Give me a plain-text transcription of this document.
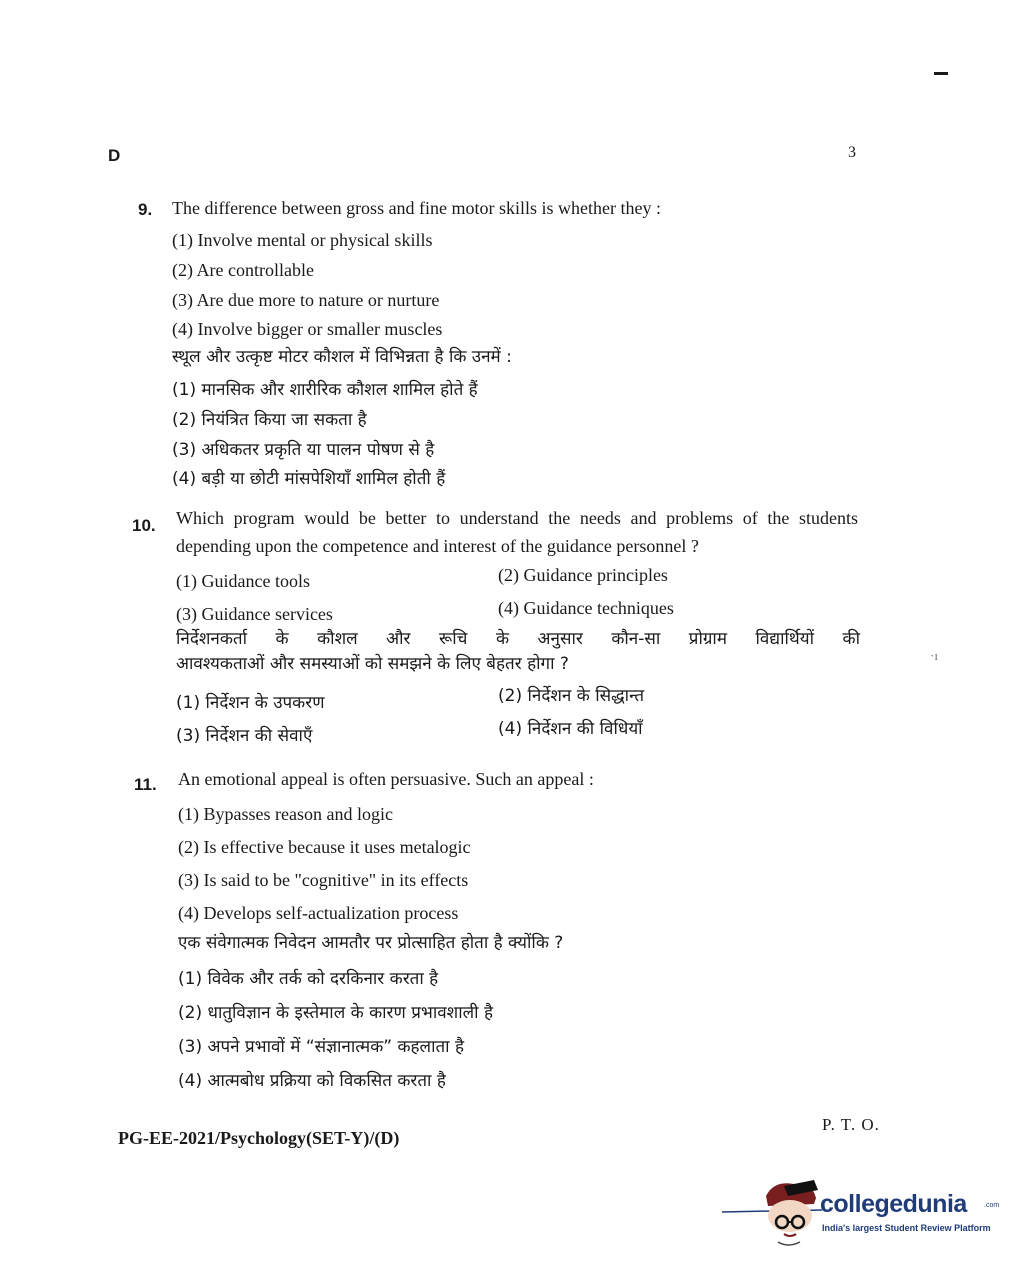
D	3
9. The difference between gross and fine motor skills is whether they :
(1) Involve mental or physical skills
(2) Are controllable
(3) Are due more to nature or nurture
(4) Involve bigger or smaller muscles
स्थूल और उत्कृष्ट मोटर कौशल में विभिन्नता है कि उनमें :
(1) मानसिक और शारीरिक कौशल शामिल होते हैं
(2) नियंत्रित किया जा सकता है
(3) अधिकतर प्रकृति या पालन पोषण से है
(4) बड़ी या छोटी मांसपेशियाँ शामिल होती हैं
10. Which program would be better to understand the needs and problems of the students
depending upon the competence and interest of the guidance personnel ?
(1) Guidance tools	(2) Guidance principles
(3) Guidance services	(4) Guidance techniques
निर्देशनकर्ता के कौशल और रूचि के अनुसार कौन-सा प्रोग्राम विद्यार्थियों की
आवश्यकताओं और समस्याओं को समझने के लिए बेहतर होगा ?
(1) निर्देशन के उपकरण	(2) निर्देशन के सिद्धान्त
(3) निर्देशन की सेवाएँ	(4) निर्देशन की विधियाँ
·ı
11. An emotional appeal is often persuasive. Such an appeal :
(1) Bypasses reason and logic
(2) Is effective because it uses metalogic
(3) Is said to be "cognitive" in its effects
(4) Develops self-actualization process
एक संवेगात्मक निवेदन आमतौर पर प्रोत्साहित होता है क्योंकि ?
(1) विवेक और तर्क को दरकिनार करता है
(2) धातुविज्ञान के इस्तेमाल के कारण प्रभावशाली है
(3) अपने प्रभावों में “संज्ञानात्मक” कहलाता है
(4) आत्मबोध प्रक्रिया को विकसित करता है
PG-EE-2021/Psychology(SET-Y)/(D)
P. T. O.
collegedunia .com
India's largest Student Review Platform
